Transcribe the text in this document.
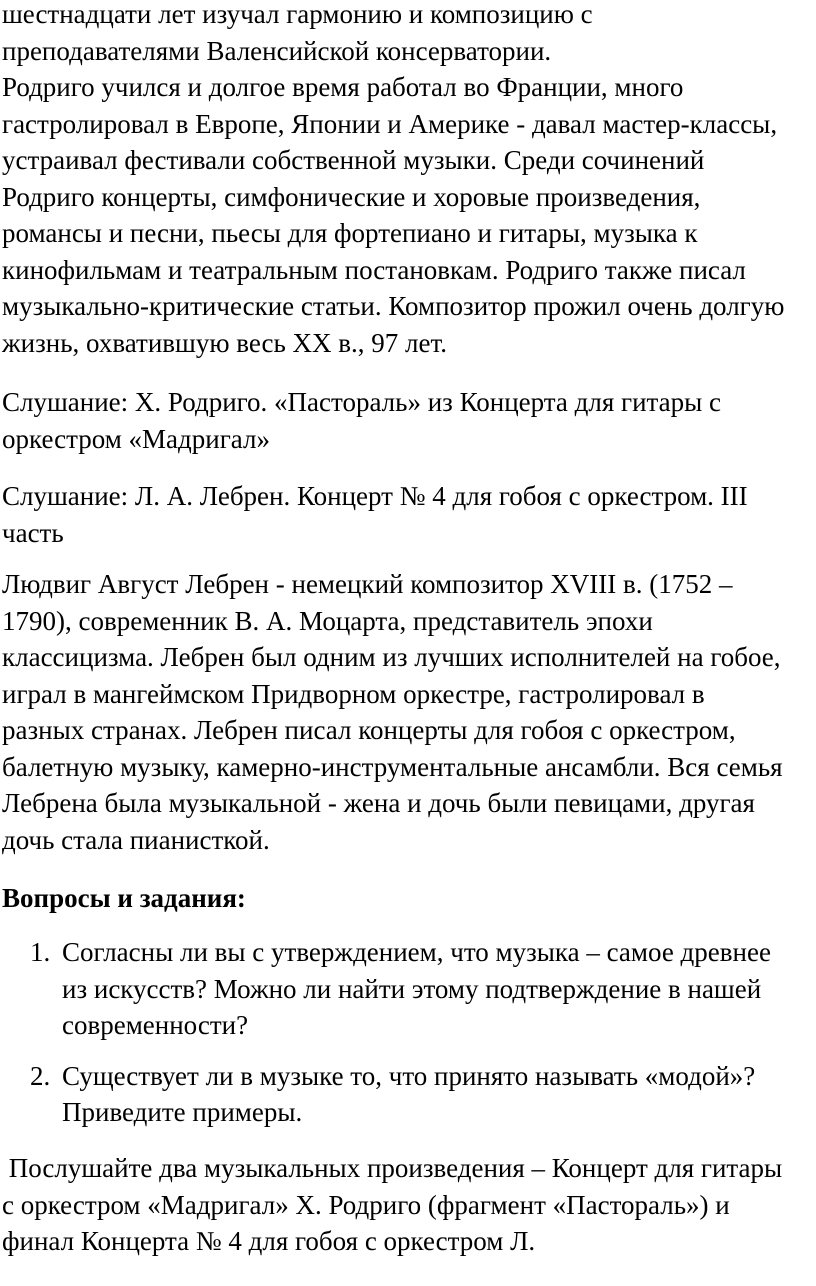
шестнадцати лет изучал гармонию и композицию с
преподавателями Валенсийской консерватории.
Родриго учился и долгое время работал во Франции, много
гастролировал в Европе, Японии и Америке - давал мастер-классы,
устраивал фестивали собственной музыки. Среди сочинений
Родриго концерты, симфонические и хоровые произведения,
романсы и песни, пьесы для фортепиано и гитары, музыка к
кинофильмам и театральным постановкам. Родриго также писал
музыкально-критические статьи. Композитор прожил очень долгую
жизнь, охватившую весь XX в., 97 лет.
Слушание: Х. Родриго. «Пастораль» из Концерта для гитары с
оркестром «Мадригал»
Слушание: Л. А. Лебрен. Концерт № 4 для гобоя с оркестром. III
часть
Людвиг Август Лебрен - немецкий композитор XVIII в. (1752 –
1790), современник В. А. Моцарта, представитель эпохи
классицизма. Лебрен был одним из лучших исполнителей на гобое,
играл в мангеймском Придворном оркестре, гастролировал в
разных странах. Лебрен писал концерты для гобоя с оркестром,
балетную музыку, камерно-инструментальные ансамбли. Вся семья
Лебрена была музыкальной - жена и дочь были певицами, другая
дочь стала пианисткой.
Вопросы и задания:
1. Согласны ли вы с утверждением, что музыка – самое древнее
из искусств? Можно ли найти этому подтверждение в нашей
современности?
2. Существует ли в музыке то, что принято называть «модой»?
Приведите примеры.
Послушайте два музыкальных произведения – Концерт для гитары
с оркестром «Мадригал» Х. Родриго (фрагмент «Пастораль») и
финал Концерта № 4 для гобоя с оркестром Л.
